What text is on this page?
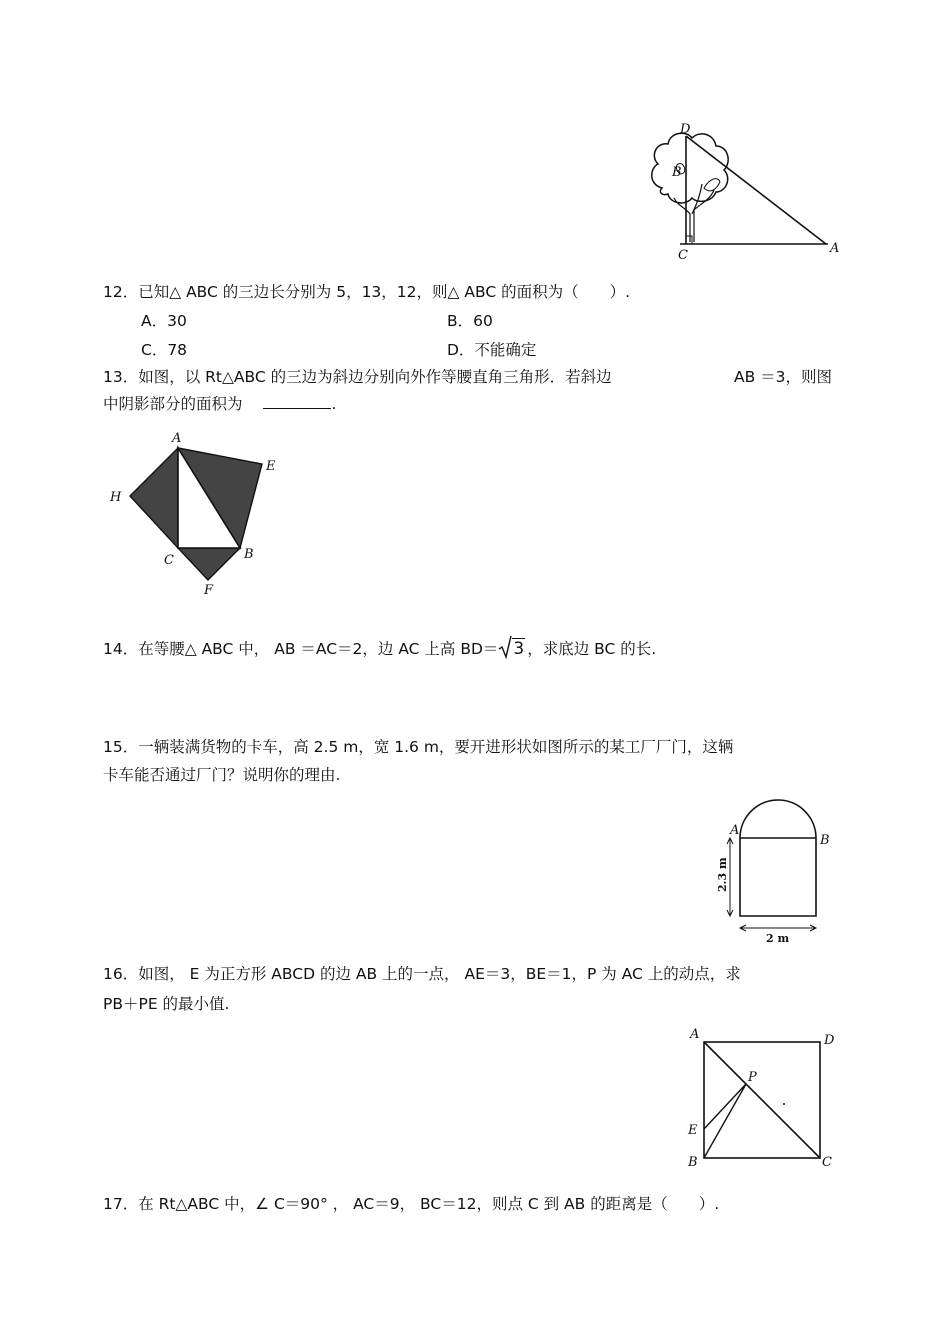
D
B
C	A
12．已知△ ABC 的三边长分别为 5，13，12，则△ ABC 的面积为（　　）.
A．30	B．60
C．78	D．不能确定
13．如图，以 Rt△ABC 的三边为斜边分别向外作等腰直角三角形．若斜边	AB ＝3，则图
中阴影部分的面积为	.
A
E
H
C	B
F
14．在等腰△ ABC 中， AB ＝AC＝2，边 AC 上高 BD＝ 3 ，求底边 BC 的长.
15．一辆装满货物的卡车，高 2.5 m，宽 1.6 m，要开进形状如图所示的某工厂厂门，这辆
卡车能否通过厂门？说明你的理由.
A
B
2.3 m
2 m
16．如图， E 为正方形 ABCD 的边 AB 上的一点， AE＝3，BE＝1，P 为 AC 上的动点，求
PB＋PE 的最小值.
A	D
P
E
B	C
17．在 Rt△ABC 中，∠ C＝90° ， AC＝9， BC＝12，则点 C 到 AB 的距离是（　　）.
